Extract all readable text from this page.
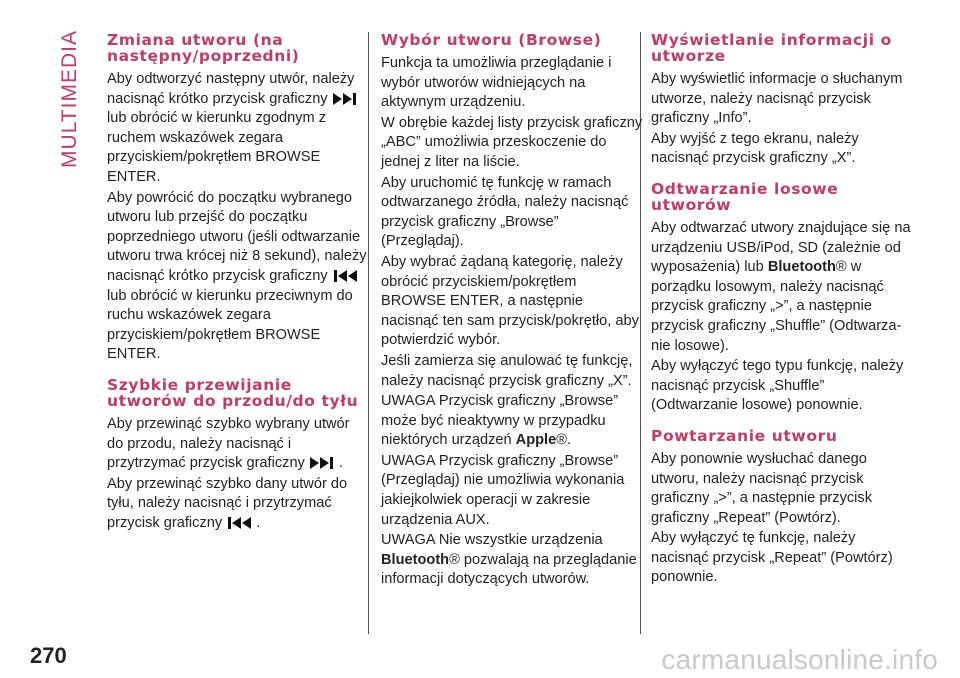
MULTIMEDIA
270	carmanualsonline.info
Zmiana utworu (na następny/poprzedni)

Aby odtworzyć następny utwór, należy nacisnąć krótko przycisk graficzny
lub obrócić w kierunku zgodnym z ruchem wskazówek zegara przyciskiem/pokrętłem BROWSE ENTER.

Aby powrócić do początku wybranego utworu lub przejść do początku poprzedniego utworu (jeśli odtwarzanie utworu trwa krócej niż 8 sekund), należy nacisnąć krótko przycisk graficzny
lub obrócić w kierunku przeciwnym do ruchu wskazówek zegara przyciskiem/pokrętłem BROWSE ENTER.

Szybkie przewijanie utworów do przodu/do tyłu

Aby przewinąć szybko wybrany utwór do przodu, należy nacisnąć i przytrzymać przycisk graficzny .

Aby przewinąć szybko dany utwór do tyłu, należy nacisnąć i przytrzymać przycisk graficzny .

Wybór utworu (Browse)

Funkcja ta umożliwia przeglądanie i wybór utworów widniejących na aktywnym urządzeniu.

W obrębie każdej listy przycisk graficzny „ABC” umożliwia przeskoczenie do jednej z liter na liście.

Aby uruchomić tę funkcję w ramach odtwarzanego źródła, należy nacisnąć przycisk graficzny „Browse” (Przeglądaj).

Aby wybrać żądaną kategorię, należy obrócić przyciskiem/pokrętłem BROWSE ENTER, a następnie nacisnąć ten sam przycisk/pokrętło, aby potwierdzić wybór.

Jeśli zamierza się anulować tę funkcję, należy nacisnąć przycisk graficzny „X”.

UWAGA Przycisk graficzny „Browse” może być nieaktywny w przypadku niektórych urządzeń Apple®.

UWAGA Przycisk graficzny „Browse” (Przeglądaj) nie umożliwia wykonania jakiejkolwiek operacji w zakresie urządzenia AUX.

UWAGA Nie wszystkie urządzenia Bluetooth® pozwalają na przeglądanie informacji dotyczących utworów.

Wyświetlanie informacji o utworze

Aby wyświetlić informacje o słuchanym utworze, należy nacisnąć przycisk graficzny „Info”.

Aby wyjść z tego ekranu, należy nacisnąć przycisk graficzny „X”.

Odtwarzanie losowe utworów

Aby odtwarzać utwory znajdujące się na urządzeniu USB/iPod, SD (zależnie od wyposażenia) lub Bluetooth® w porządku losowym, należy nacisnąć przycisk graficzny „>”, a następnie przycisk graficzny „Shuffle” (Odtwarza-nie losowe).

Aby wyłączyć tego typu funkcję, należy nacisnąć przycisk „Shuffle” (Odtwarzanie losowe) ponownie.

Powtarzanie utworu

Aby ponownie wysłuchać danego utworu, należy nacisnąć przycisk graficzny „>”, a następnie przycisk graficzny „Repeat” (Powtórz).

Aby wyłączyć tę funkcję, należy nacisnąć przycisk „Repeat” (Powtórz) ponownie.
